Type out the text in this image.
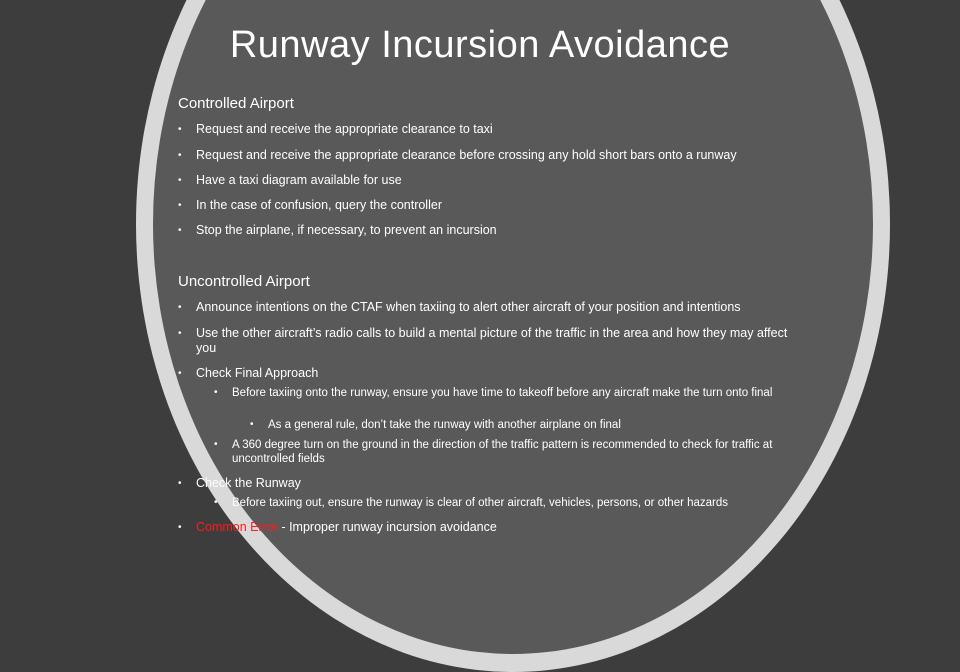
Runway Incursion Avoidance
Controlled Airport
• Request and receive the appropriate clearance to taxi
• Request and receive the appropriate clearance before crossing any hold short bars onto a runway
• Have a taxi diagram available for use
• In the case of confusion, query the controller
• Stop the airplane, if necessary, to prevent an incursion
Uncontrolled Airport
• Announce intentions on the CTAF when taxiing to alert other aircraft of your position and intentions
• Use the other aircraft’s radio calls to build a mental picture of the traffic in the area and how they may affect you
• Check Final Approach
• Before taxiing onto the runway, ensure you have time to takeoff before any aircraft make the turn onto final
• As a general rule, don’t take the runway with another airplane on final
• A 360 degree turn on the ground in the direction of the traffic pattern is recommended to check for traffic at uncontrolled fields
• Check the Runway
• Before taxiing out, ensure the runway is clear of other aircraft, vehicles, persons, or other hazards
• Common Error - Improper runway incursion avoidance
